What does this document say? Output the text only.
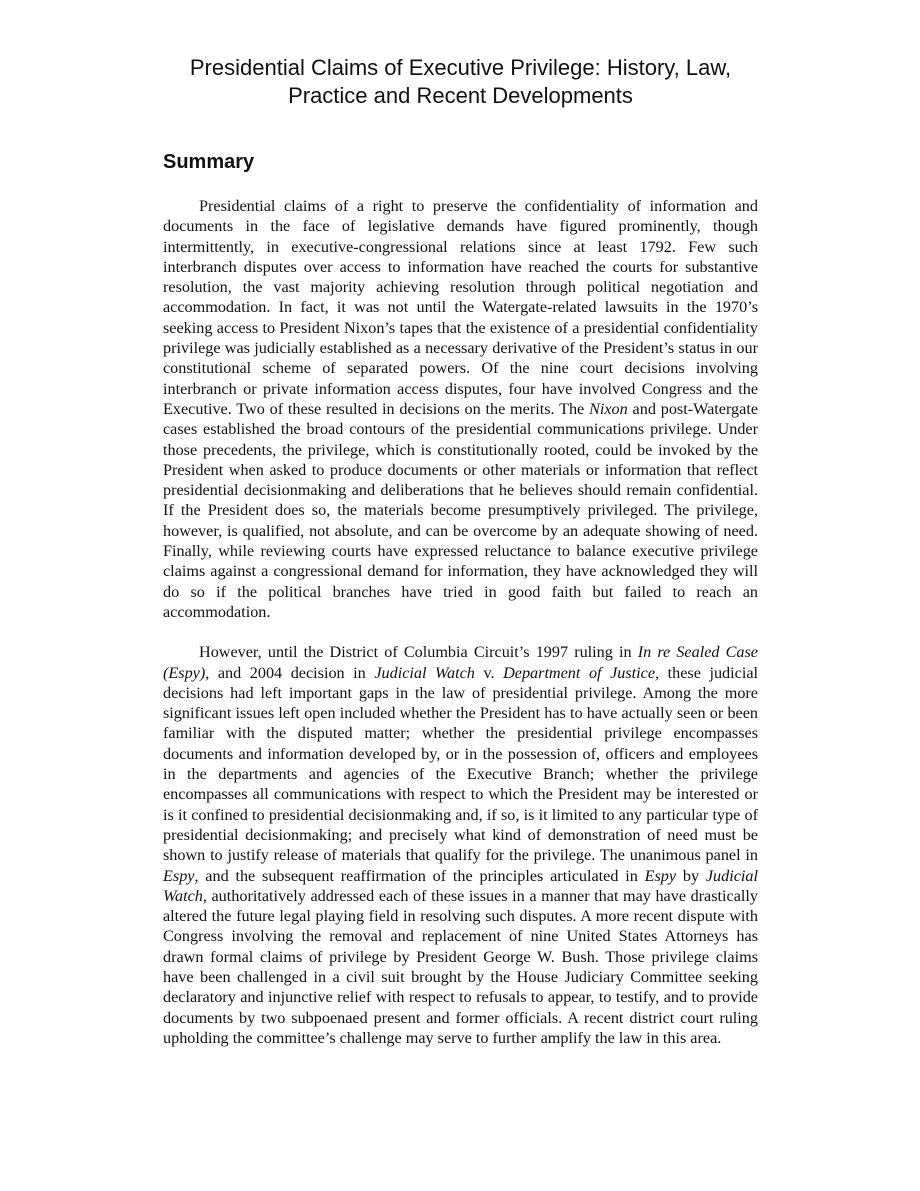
Presidential Claims of Executive Privilege: History, Law,
Practice and Recent Developments
Summary

Presidential claims of a right to preserve the confidentiality of information and documents in the face of legislative demands have figured prominently, though intermittently, in executive-congressional relations since at least 1792. Few such interbranch disputes over access to information have reached the courts for substantive resolution, the vast majority achieving resolution through political negotiation and accommodation. In fact, it was not until the Watergate-related lawsuits in the 1970’s seeking access to President Nixon’s tapes that the existence of a presidential confidentiality privilege was judicially established as a necessary derivative of the President’s status in our constitutional scheme of separated powers. Of the nine court decisions involving interbranch or private information access disputes, four have involved Congress and the Executive. Two of these resulted in decisions on the merits. The Nixon and post-Watergate cases established the broad contours of the presidential communications privilege. Under those precedents, the privilege, which is constitutionally rooted, could be invoked by the President when asked to produce documents or other materials or information that reflect presidential decisionmaking and deliberations that he believes should remain confidential. If the President does so, the materials become presumptively privileged. The privilege, however, is qualified, not absolute, and can be overcome by an adequate showing of need. Finally, while reviewing courts have expressed reluctance to balance executive privilege claims against a congressional demand for information, they have acknowledged they will do so if the political branches have tried in good faith but failed to reach an accommodation.

However, until the District of Columbia Circuit’s 1997 ruling in In re Sealed Case (Espy), and 2004 decision in Judicial Watch v. Department of Justice, these judicial decisions had left important gaps in the law of presidential privilege. Among the more significant issues left open included whether the President has to have actually seen or been familiar with the disputed matter; whether the presidential privilege encompasses documents and information developed by, or in the possession of, officers and employees in the departments and agencies of the Executive Branch; whether the privilege encompasses all communications with respect to which the President may be interested or is it confined to presidential decisionmaking and, if so, is it limited to any particular type of presidential decisionmaking; and precisely what kind of demonstration of need must be shown to justify release of materials that qualify for the privilege. The unanimous panel in Espy, and the subsequent reaffirmation of the principles articulated in Espy by Judicial Watch, authoritatively addressed each of these issues in a manner that may have drastically altered the future legal playing field in resolving such disputes. A more recent dispute with Congress involving the removal and replacement of nine United States Attorneys has drawn formal claims of privilege by President George W. Bush. Those privilege claims have been challenged in a civil suit brought by the House Judiciary Committee seeking declaratory and injunctive relief with respect to refusals to appear, to testify, and to provide documents by two subpoenaed present and former officials. A recent district court ruling upholding the committee’s challenge may serve to further amplify the law in this area.
